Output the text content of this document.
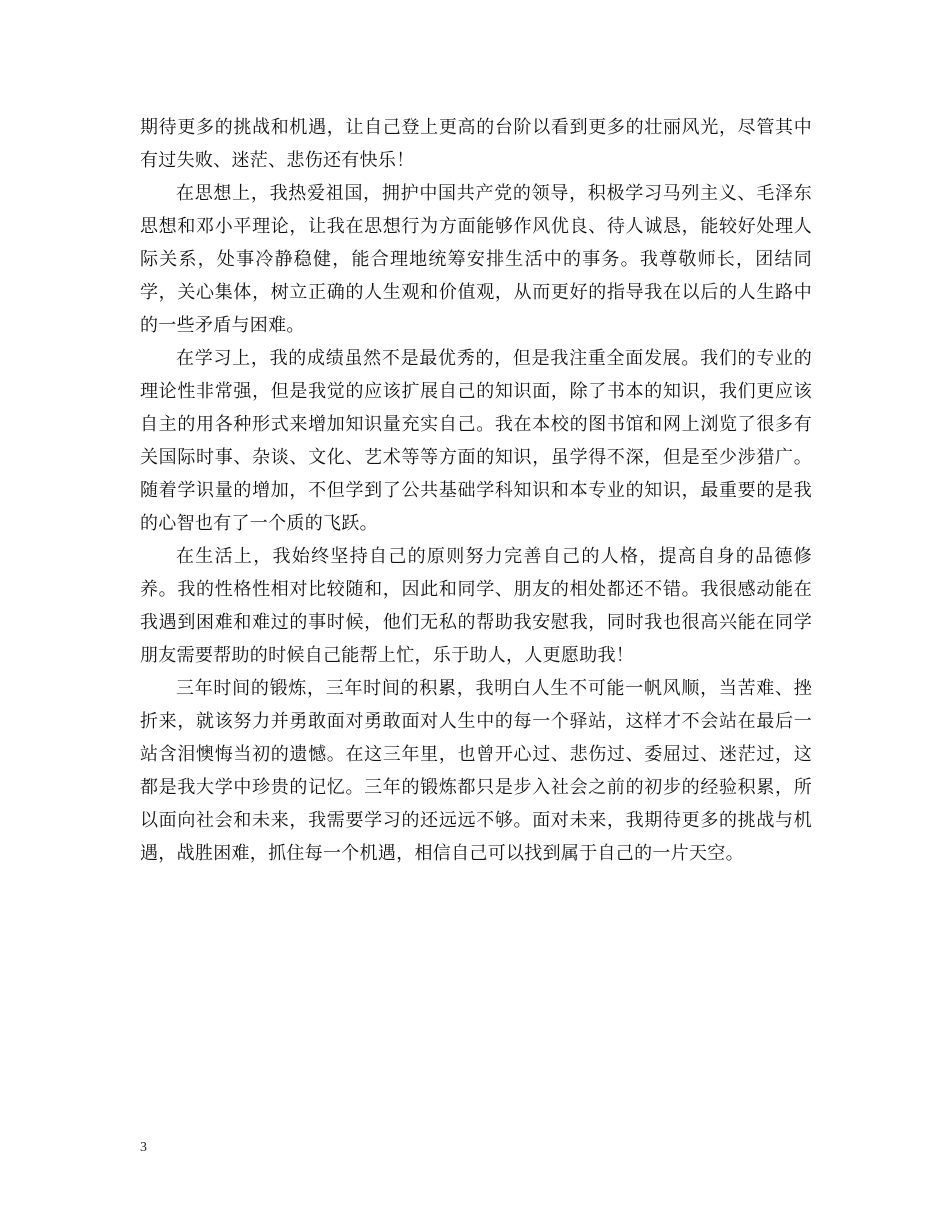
期待更多的挑战和机遇，让自己登上更高的台阶以看到更多的壮丽风光，尽管其中有过失败、迷茫、悲伤还有快乐！

在思想上，我热爱祖国，拥护中国共产党的领导，积极学习马列主义、毛泽东思想和邓小平理论，让我在思想行为方面能够作风优良、待人诚恳，能较好处理人际关系，处事冷静稳健，能合理地统筹安排生活中的事务。我尊敬师长，团结同学，关心集体，树立正确的人生观和价值观，从而更好的指导我在以后的人生路中的一些矛盾与困难。

在学习上，我的成绩虽然不是最优秀的，但是我注重全面发展。我们的专业的理论性非常强，但是我觉的应该扩展自己的知识面，除了书本的知识，我们更应该自主的用各种形式来增加知识量充实自己。我在本校的图书馆和网上浏览了很多有关国际时事、杂谈、文化、艺术等等方面的知识，虽学得不深，但是至少涉猎广。随着学识量的增加，不但学到了公共基础学科知识和本专业的知识，最重要的是我的心智也有了一个质的飞跃。

在生活上，我始终坚持自己的原则努力完善自己的人格，提高自身的品德修养。我的性格性相对比较随和，因此和同学、朋友的相处都还不错。我很感动能在我遇到困难和难过的事时候，他们无私的帮助我安慰我，同时我也很高兴能在同学朋友需要帮助的时候自己能帮上忙，乐于助人，人更愿助我！

三年时间的锻炼，三年时间的积累，我明白人生不可能一帆风顺，当苦难、挫折来，就该努力并勇敢面对勇敢面对人生中的每一个驿站，这样才不会站在最后一站含泪懊悔当初的遗憾。在这三年里，也曾开心过、悲伤过、委屈过、迷茫过，这都是我大学中珍贵的记忆。三年的锻炼都只是步入社会之前的初步的经验积累，所以面向社会和未来，我需要学习的还远远不够。面对未来，我期待更多的挑战与机遇，战胜困难，抓住每一个机遇，相信自己可以找到属于自己的一片天空。

3
